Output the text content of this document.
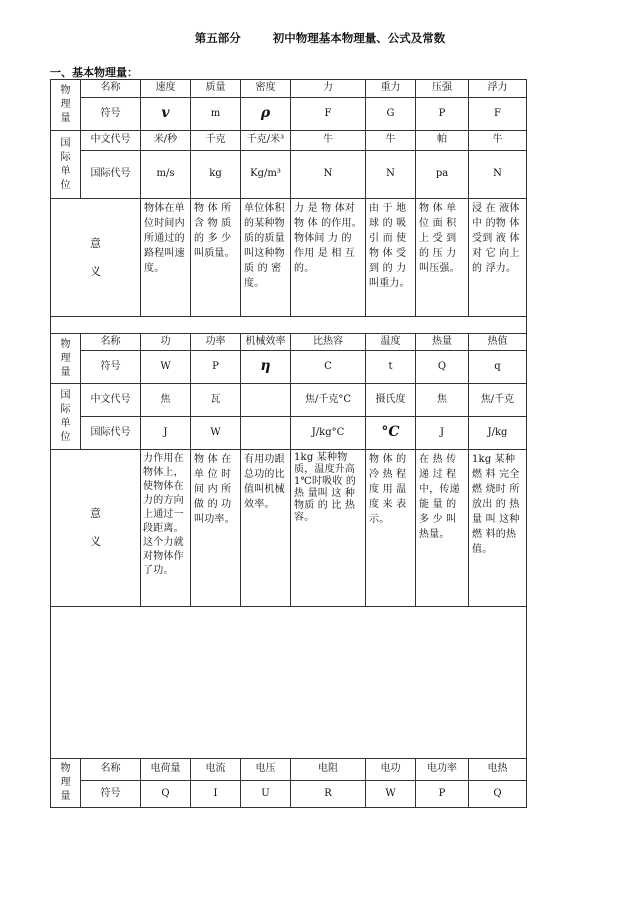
第五部分        初中物理基本物理量、公式及常数
一、基本物理量：
物
理
量	名称	速度	质量	密度	力	重力	压强	浮力
	符号	v	m	ρ	F	G	P	F

国
际
单
位	中文代号	米/秒	千克	千克/米³	牛	牛	帕	牛
	国际代号	m/s	kg	Kg/m³	N	N	pa	N

意
义		物体在单位时间内所通过的路程叫速度。	物 体 所含 物 质的 多 少叫质量。	单位体积的某种物质的质量叫这种物 质 的 密度。	力 是 物 体对 物 体 的作用。物体间 力 的 作用 是 相 互的。	由 于 地球 的 吸引 而 使物 体 受到 的 力叫重力。	物 体 单位 面 积上 受 到的 压 力叫压强。	浸 在 液体 中 的物 体 受到 液 体对 它 向上 的 浮力。

物
理
量	名称	功	功率	机械效率	比热容	温度	热量	热值
	符号	W	P	η	C	t	Q	q

国
际
单
位	中文代号	焦	瓦		焦/千克°C	摄氏度	焦	焦/千克
	国际代号	J	W		J/kg°C	°C	J	J/kg

意
义		力作用在物体上，使物体在力的方向上通过一段距离。这个力就对物体作了功。	物 体 在单 位 时间 内 所做 的 功叫功率。	有用功跟总功的比值叫机械效率。	1kg 某种物质，温度升高 1℃时吸收 的 热 量叫 这 种 物质 的 比 热容。	物 体 的冷 热 程度 用 温度 来 表示。	在 热 传递 过 程中，传递能 量 的多 少 叫热量。	1kg 某种燃 料 完全 燃 烧时 所 放出 的 热量 叫 这种 燃 料的热值。

物
理
量	名称	电荷量	电流	电压	电阻	电功	电功率	电热
	符号	Q	I	U	R	W	P	Q
